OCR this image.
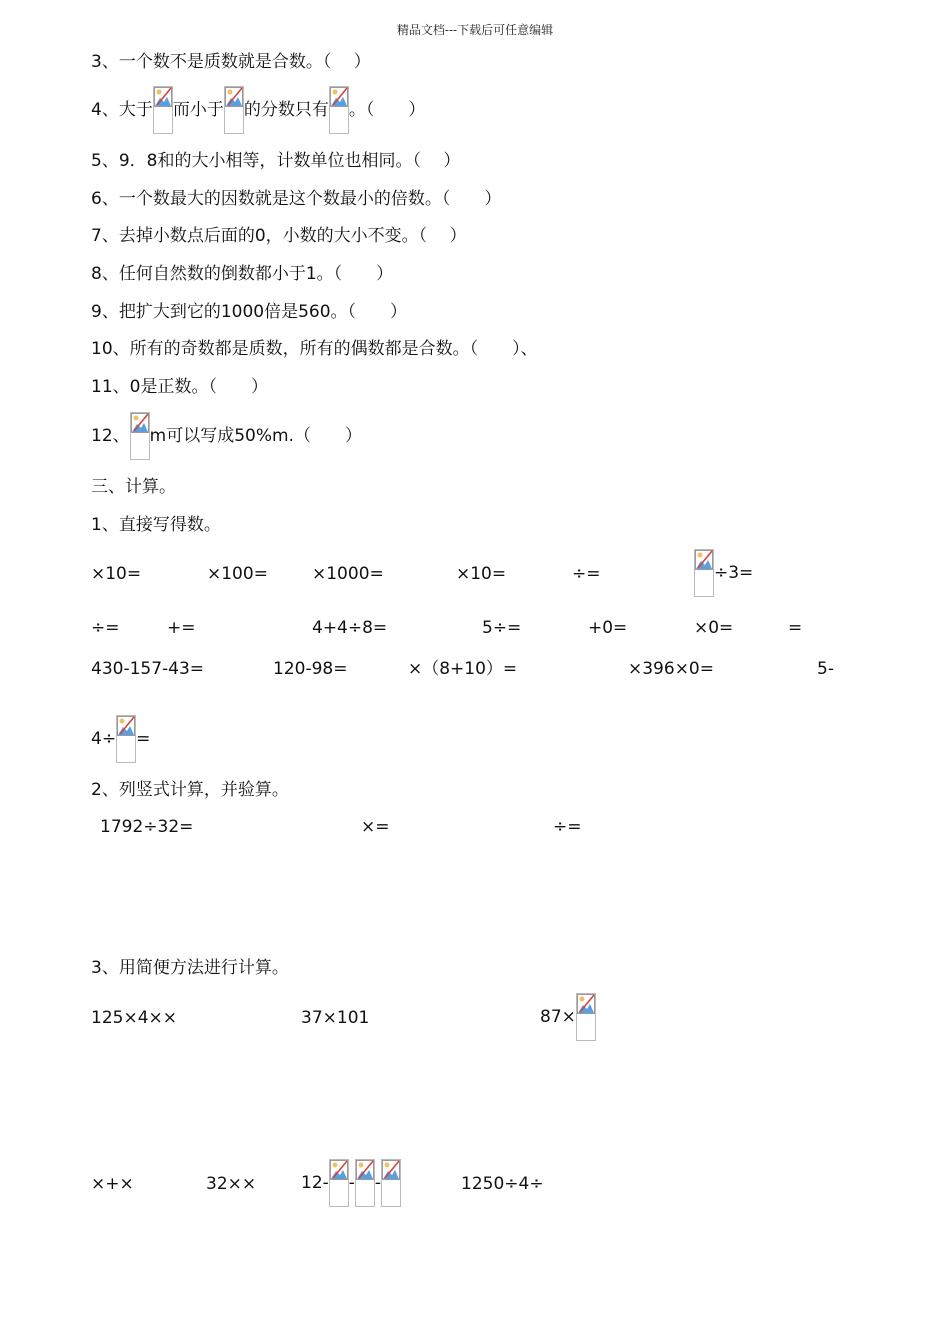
精品文档---下载后可任意编辑
3、一个数不是质数就是合数。（　 ）
4、大于 而小于 的分数只有 。（　　）
5、9．8和的大小相等，计数单位也相同。（　 ）
6、一个数最大的因数就是这个数最小的倍数。（　　）
7、去掉小数点后面的0，小数的大小不变。（　 ）
8、任何自然数的倒数都小于1。（　　）
9、把扩大到它的1000倍是560。（　　）
10、所有的奇数都是质数，所有的偶数都是合数。（　　）、
11、0是正数。（　　）
12、 m可以写成50%m.（　　）
三、计算。
1、直接写得数。
×10=	×100=	×1000=	×10=	÷=	÷3=
÷=	+=	4+4÷8=	5÷=	+0=	×0=	=
430-157-43=	120-98=	×（8+10）=	×396×0=	5-
4÷ =
2、列竖式计算，并验算。
1792÷32=	×=	÷=
3、用简便方法进行计算。
125×4××	37×101	87×
×+×	32××	12- - -	1250÷4÷
